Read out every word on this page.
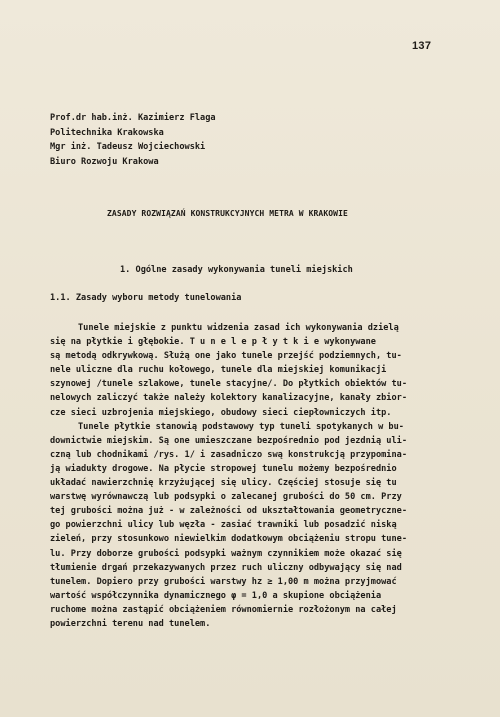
137
Prof.dr hab.inż. Kazimierz Flaga
Politechnika Krakowska
Mgr inż. Tadeusz Wojciechowski
Biuro Rozwoju Krakowa
ZASADY ROZWIĄZAŃ KONSTRUKCYJNYCH METRA W KRAKOWIE
1. Ogólne zasady wykonywania tuneli miejskich
1.1. Zasady wyboru metody tunelowania
Tunele miejskie z punktu widzenia zasad ich wykonywania dzielą
się na płytkie i głębokie. T u n e l e p ł y t k i e wykonywane
są metodą odkrywkową. Służą one jako tunele przejść podziemnych, tu-
nele uliczne dla ruchu kołowego, tunele dla miejskiej komunikacji
szynowej /tunele szlakowe, tunele stacyjne/. Do płytkich obiektów tu-
nelowych zaliczyć także należy kolektory kanalizacyjne, kanały zbior-
cze sieci uzbrojenia miejskiego, obudowy sieci ciepłowniczych itp.
Tunele płytkie stanowią podstawowy typ tuneli spotykanych w bu-
downictwie miejskim. Są one umieszczane bezpośrednio pod jezdnią uli-
czną lub chodnikami /rys. 1/ i zasadniczo swą konstrukcją przypomina-
ją wiadukty drogowe. Na płycie stropowej tunelu możemy bezpośrednio
układać nawierzchnię krzyżującej się ulicy. Częściej stosuje się tu
warstwę wyrównawczą lub podsypki o zalecanej grubości do 50 cm. Przy
tej grubości można już - w zależności od ukształtowania geometryczne-
go powierzchni ulicy lub węzła - zasiać trawniki lub posadzić niską
zieleń, przy stosunkowo niewielkim dodatkowym obciążeniu stropu tune-
lu. Przy doborze grubości podsypki ważnym czynnikiem może okazać się
tłumienie drgań przekazywanych przez ruch uliczny odbywający się nad
tunelem. Dopiero przy grubości warstwy hz ≥ 1,00 m można przyjmować
wartość współczynnika dynamicznego φ = 1,0 a skupione obciążenia
ruchome można zastąpić obciążeniem równomiernie rozłożonym na całej
powierzchni terenu nad tunelem.
